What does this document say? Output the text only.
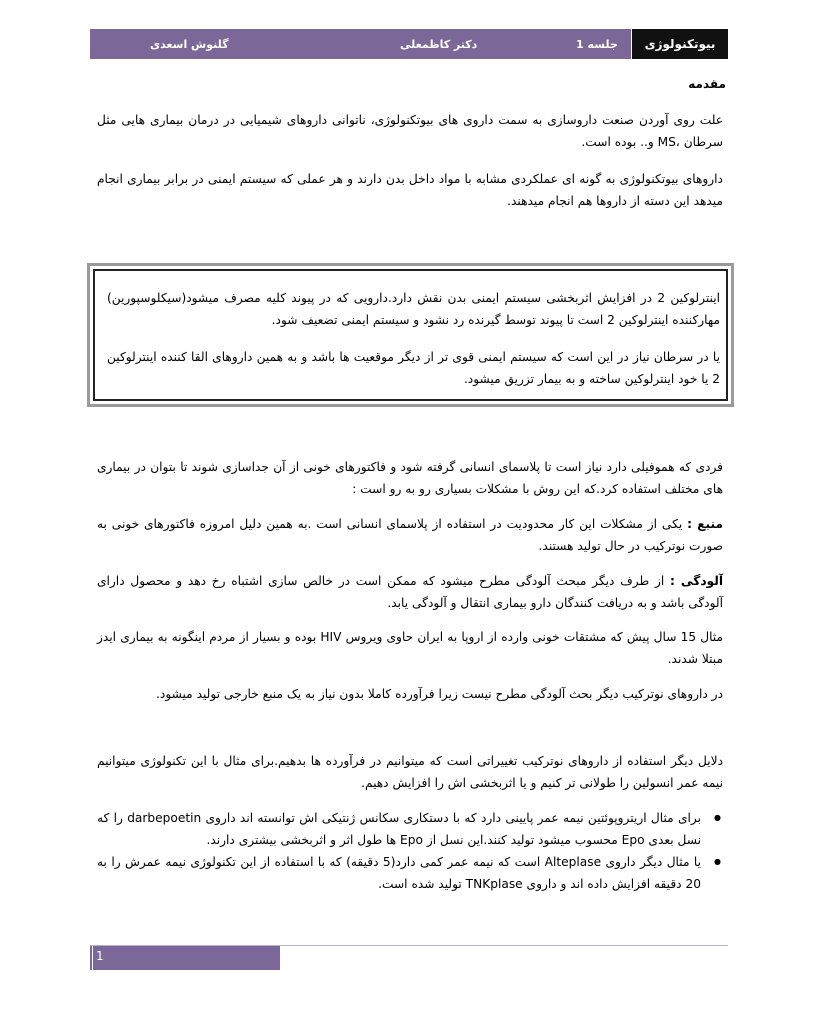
گلنوش اسعدی	دکتر کاظمعلی	جلسه 1	بیوتکنولوژی
مقدمه

علت روی آوردن صنعت داروسازی به سمت داروی های بیوتکنولوژی، ناتوانی داروهای شیمیایی در درمان بیماری هایی مثل سرطان ،MS و.. بوده است.

داروهای بیوتکنولوژی به گونه ای عملکردی مشابه با مواد داخل بدن دارند و هر عملی که سیستم ایمنی در برابر بیماری انجام میدهد این دسته از داروها هم انجام میدهند.

اینترلوکین 2 در افزایش اثربخشی سیستم ایمنی بدن نقش دارد.دارویی که در پیوند کلیه مصرف میشود(سیکلوسپورین) مهارکننده اینترلوکین 2 است تا پیوند توسط گیرنده رد نشود و سیستم ایمنی تضعیف شود.
یا در سرطان نیاز در این است که سیستم ایمنی قوی تر از دیگر موقعیت ها باشد و به همین داروهای القا کننده اینترلوکین 2 یا خود اینترلوکین ساخته و به بیمار تزریق میشود.

فردی که هموفیلی دارد نیاز است تا پلاسمای انسانی گرفته شود و فاکتورهای خونی از آن جداسازی شوند تا بتوان در بیماری های مختلف استفاده کرد.که این روش با مشکلات بسیاری رو به رو است :

منبع : یکی از مشکلات این کار محدودیت در استفاده از پلاسمای انسانی است .به همین دلیل امروزه فاکتورهای خونی به صورت نوترکیب در حال تولید هستند.

آلودگی : از طرف دیگر مبحث آلودگی مطرح میشود که ممکن است در خالص سازی اشتباه رخ دهد و محصول دارای آلودگی باشد و به دریافت کنندگان دارو بیماری انتقال و آلودگی یابد.

مثال 15 سال پیش که مشتقات خونی وارده از اروپا به ایران حاوی ویروس HIV بوده و بسیار از مردم اینگونه به بیماری ایدز مبتلا شدند.

در داروهای نوترکیب دیگر بحث آلودگی مطرح نیست زیرا فرآورده کاملا بدون نیاز به یک منبع خارجی تولید میشود.

دلایل دیگر استفاده از داروهای نوترکیب تغییراتی است که میتوانیم در فرآورده ها بدهیم.برای مثال با این تکنولوژی میتوانیم نیمه عمر انسولین را طولانی تر کنیم و یا اثربخشی اش را افزایش دهیم.

● برای مثال اریتروپوئتین نیمه عمر پایینی دارد که با دستکاری سکانس ژنتیکی اش توانسته اند داروی darbepoetin را که نسل بعدی Epo محسوب میشود تولید کنند.این نسل از Epo ها طول اثر و اثربخشی بیشتری دارند.
● یا مثال دیگر داروی Alteplase است که نیمه عمر کمی دارد(5 دقیقه) که با استفاده از این تکنولوژی نیمه عمرش را به 20 دقیقه افزایش داده اند و داروی TNKplase تولید شده است.
1
